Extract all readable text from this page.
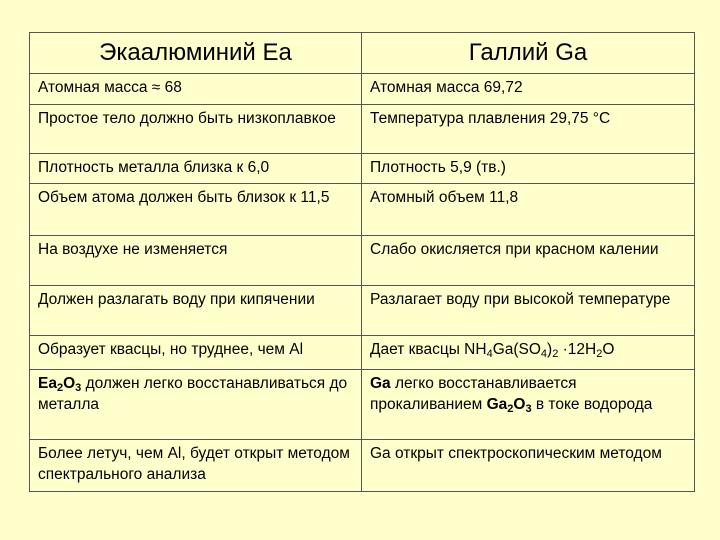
Экаалюминий Еа	Галлий Ga
Атомная масса ≈ 68	Атомная масса 69,72
Простое тело должно быть низкоплавкое	Температура плавления 29,75 °С
Плотность металла близка к 6,0	Плотность 5,9 (тв.)
Объем атома должен быть близок к 11,5	Атомный объем 11,8
На воздухе не изменяется	Слабо окисляется при красном калении
Должен разлагать воду при кипячении	Разлагает воду при высокой температуре
Образует квасцы, но труднее, чем Al	Дает квасцы $NH_4Ga(SO_4)_2 \cdot 12H_2O$
$Ea_2O_3$ должен легко восстанавливаться до металла	Ga легко восстанавливается прокаливанием $Ga_2O_3$ в токе водорода
Более летуч, чем Al, будет открыт методом спектрального анализа	Ga открыт спектроскопическим методом
